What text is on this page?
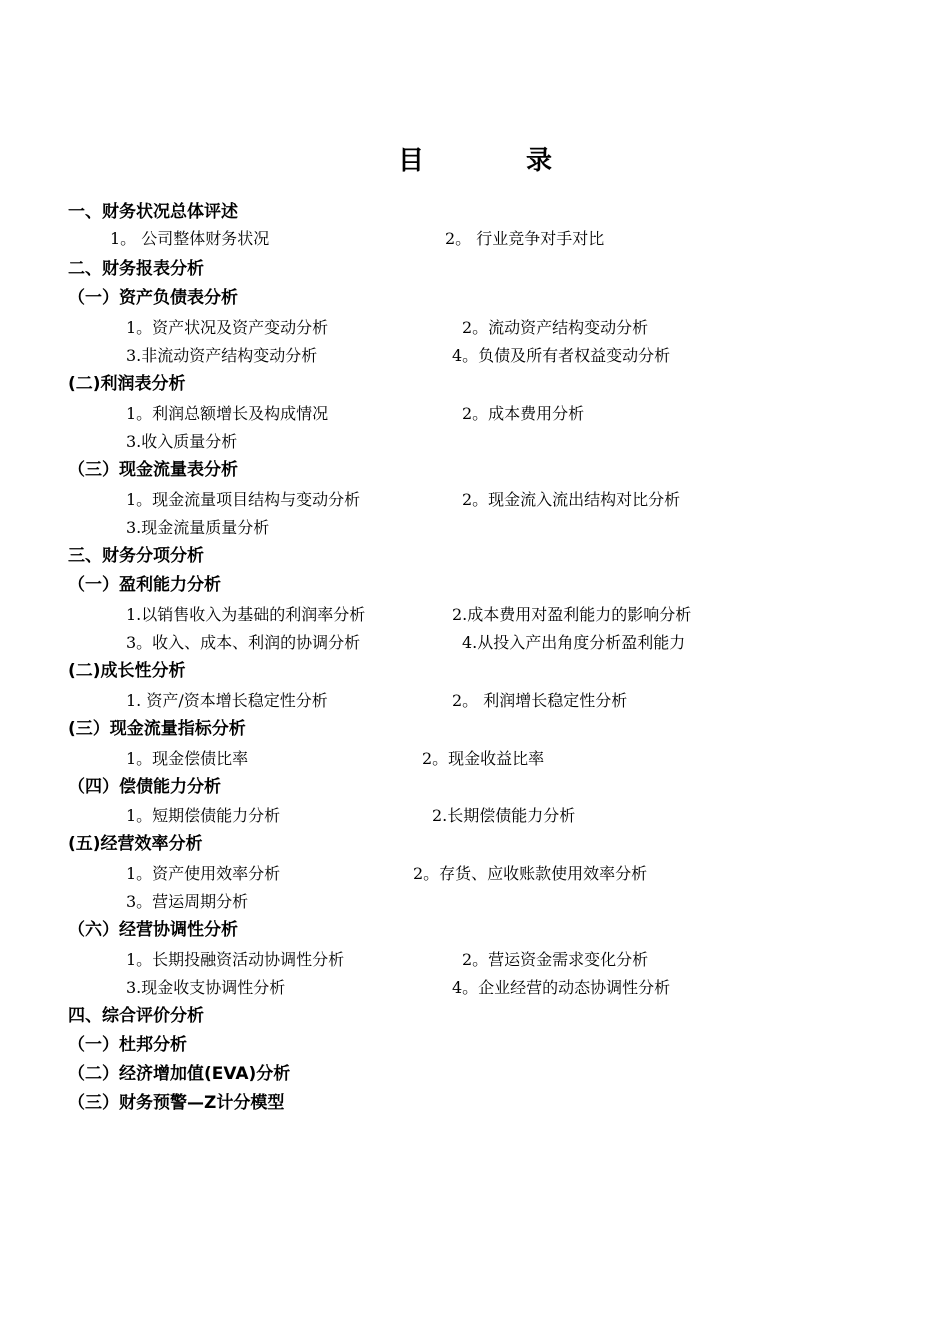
目	录
一、财务状况总体评述
1。 公司整体财务状况	2。 行业竞争对手对比
二、财务报表分析
（一）资产负债表分析
1。资产状况及资产变动分析	2。流动资产结构变动分析
3.非流动资产结构变动分析	4。负债及所有者权益变动分析
(二)利润表分析
1。利润总额增长及构成情况	2。成本费用分析
3.收入质量分析
（三）现金流量表分析
1。现金流量项目结构与变动分析	2。现金流入流出结构对比分析
3.现金流量质量分析
三、财务分项分析
（一）盈利能力分析
1.以销售收入为基础的利润率分析	2.成本费用对盈利能力的影响分析
3。收入、成本、利润的协调分析	4.从投入产出角度分析盈利能力
(二)成长性分析
1. 资产/资本增长稳定性分析	2。 利润增长稳定性分析
(三）现金流量指标分析
1。现金偿债比率	2。现金收益比率
（四）偿债能力分析
1。短期偿债能力分析	2.长期偿债能力分析
(五)经营效率分析
1。资产使用效率分析	2。存货、应收账款使用效率分析
3。营运周期分析
（六）经营协调性分析
1。长期投融资活动协调性分析	2。营运资金需求变化分析
3.现金收支协调性分析	4。企业经营的动态协调性分析
四、综合评价分析
（一）杜邦分析
（二）经济增加值(EVA)分析
（三）财务预警—Z计分模型
